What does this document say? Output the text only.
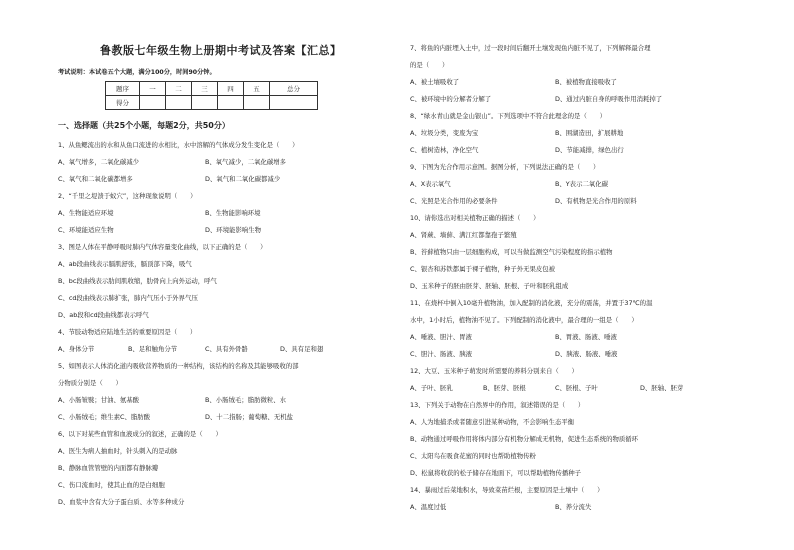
鲁教版七年级生物上册期中考试及答案【汇总】
考试说明：本试卷五个大题，满分100分，时间90分钟。
题序	一	二	三	四	五	总分
得分						
一、选择题（共25个小题，每题2分，共50分）
1、从鱼鳃流出的水和从鱼口流进的水相比，水中溶解的气体成分发生变化是（　　）
A、氧气增多，二氧化碳减少	B、氧气减少，二氧化碳增多
C、氧气和二氧化碳都增多	D、氧气和二氧化碳都减少
2、“千里之堤溃于蚁穴”，这种现象说明（　　）
A、生物能适应环境	B、生物能影响环境
C、环境能适应生物	D、环境能影响生物
3、图是人体在平静呼吸时肺内气体容量变化曲线，以下正确的是（　　）
A、ab段曲线表示膈肌舒张，膈顶部下降，吸气
B、bc段曲线表示肋间肌收缩，肋骨向上向外运动，呼气
C、cd段曲线表示肺扩张，肺内气压小于外界气压
D、ab段和cd段曲线都表示呼气
4、节肢动物适应陆地生活的重要原因是（　　）
A、身体分节	B、足和触角分节	C、具有外骨骼	D、具有足和翅
5、如图表示人体消化道内吸收营养物质的一种结构，该结构的名称及其能够吸收的部
分物质分别是（　　）
A、小肠皱襞；甘油、氨基酸	B、小肠绒毛；脂肪微粒、水
C、小肠绒毛；维生素C、脂肪酸	D、十二指肠；葡萄糖、无机盐
6、以下对某些血管和血液成分的叙述，正确的是（　　）
A、医生为病人抽血时，针头刺入的是动脉
B、静脉血管管壁的内面都有静脉瓣
C、伤口流血时，使其止血的是白细胞
D、血浆中含有大分子蛋白质、水等多种成分
7、将鱼的内脏埋入土中，过一段时间后翻开土壤发现鱼内脏不见了，下列解释最合理
的是（　　）
A、被土壤吸收了	B、被植物直接吸收了
C、被环境中的分解者分解了	D、通过内脏自身的呼吸作用消耗掉了
8、“绿水青山就是金山银山”。下列选项中不符合此理念的是（　　）
A、垃圾分类，变废为宝	B、围湖造田，扩展耕地
C、植树造林，净化空气	D、节能减排，绿色出行
9、下图为光合作用示意图。据图分析，下列说法正确的是（　　）
A、X表示氧气	B、Y表示二氧化碳
C、光照是光合作用的必要条件	D、有机物是光合作用的原料
10、请你选出对相关植物正确的描述（　　）
A、肾蕨、墙藓、满江红都靠孢子繁殖
B、苔藓植物只由一层细胞构成，可以当做监测空气污染程度的指示植物
C、银杏和苏铁都属于裸子植物，种子外无果皮包被
D、玉米种子的胚由胚芽、胚轴、胚根、子叶和胚乳组成
11、在烧杯中倒入10毫升植物油，加入配制的消化液，充分的震荡，并置于37℃的温
水中，1小时后，植物油不见了。下列配制的消化液中，最合理的一组是（　　）
A、唾液、胆汁、胃液	B、胃液、肠液、唾液
C、胆汁、肠液、胰液	D、胰液、肠液、唾液
12、大豆、玉米种子萌发时所需要的养料分别来自（　　）
A、子叶、胚乳	B、胚芽、胚根	C、胚根、子叶	D、胚轴、胚芽
13、下列关于动物在自然界中的作用，叙述错误的是（　　）
A、人为地捕杀或者随意引进某种动物，不会影响生态平衡
B、动物通过呼吸作用将体内部分有机物分解成无机物，促进生态系统的物质循环
C、太阳鸟在吸食花蜜的同时也帮助植物传粉
D、松鼠将收获的松子储存在地面下，可以帮助植物传播种子
14、暴雨过后菜地积水，导致菜苗烂根，主要原因是土壤中（　　）
A、温度过低	B、养分流失
